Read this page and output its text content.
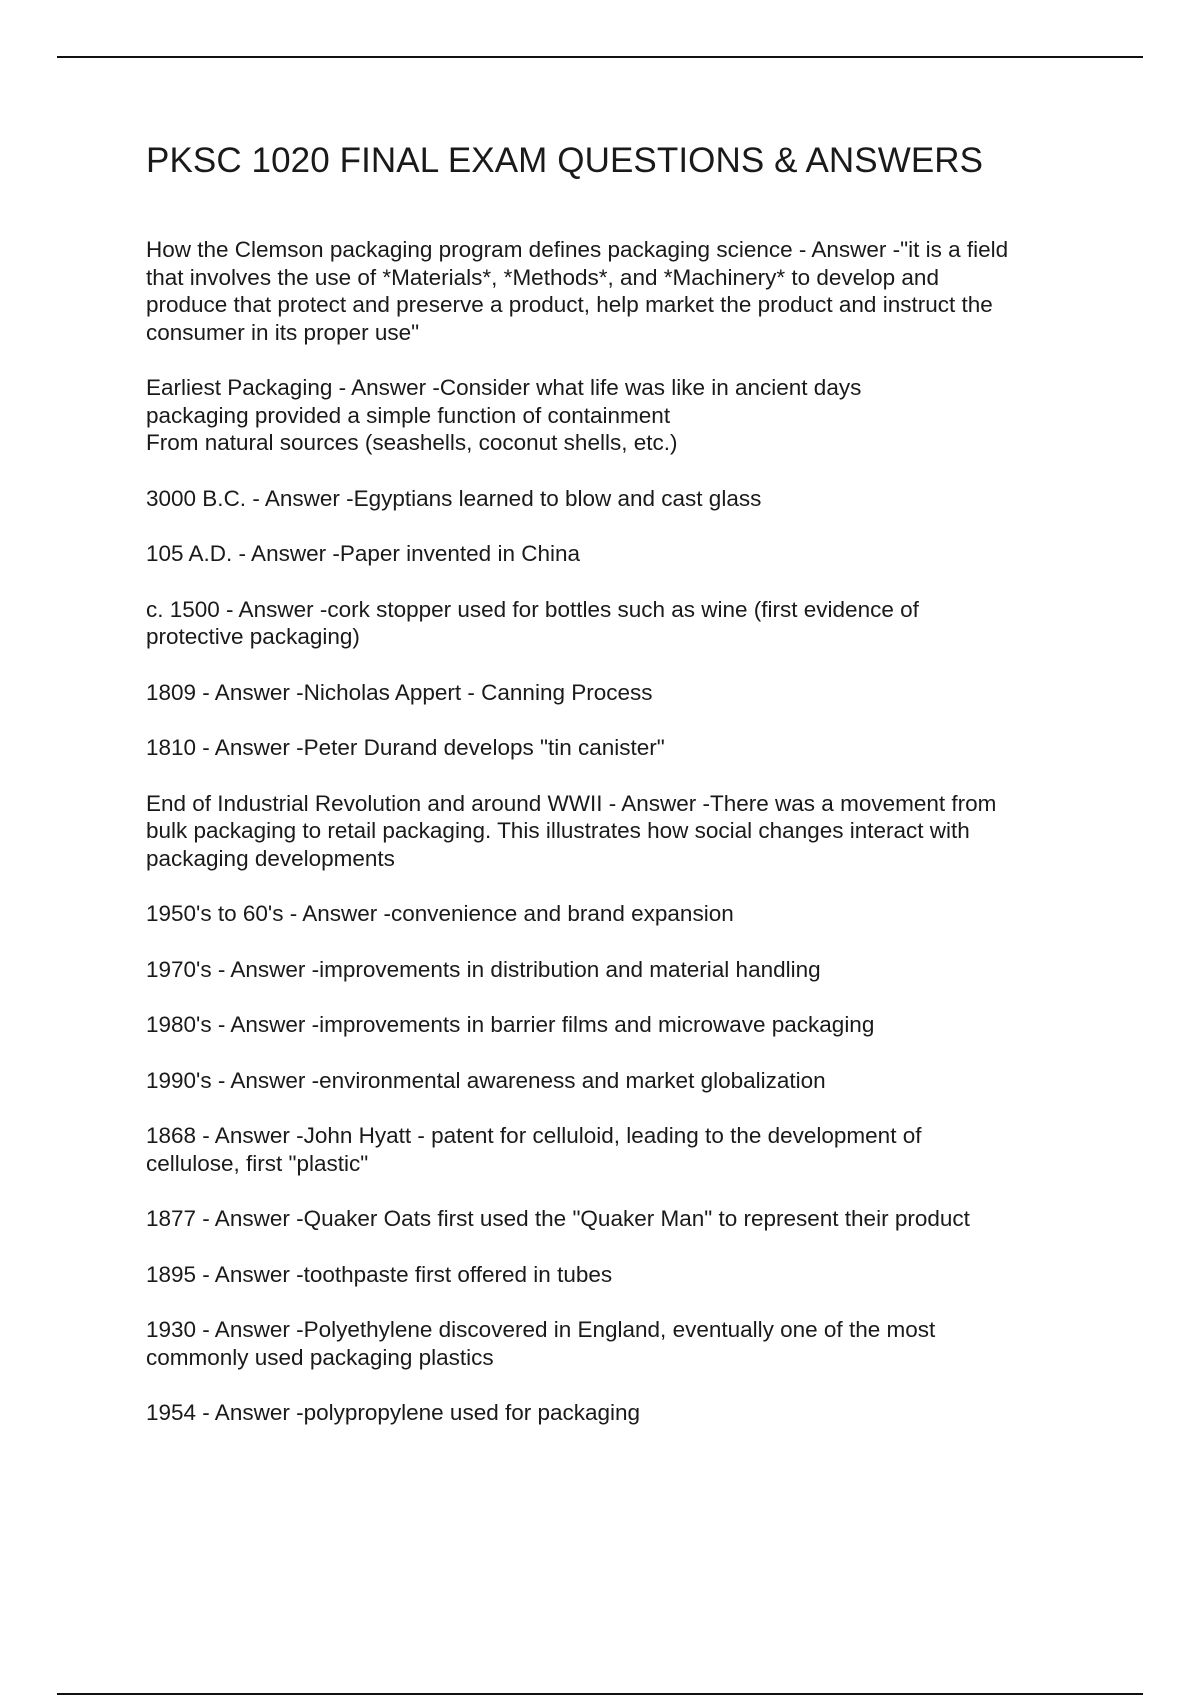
PKSC 1020 FINAL EXAM QUESTIONS & ANSWERS

How the Clemson packaging program defines packaging science - Answer -"it is a field
that involves the use of *Materials*, *Methods*, and *Machinery* to develop and
produce that protect and preserve a product, help market the product and instruct the
consumer in its proper use"

Earliest Packaging - Answer -Consider what life was like in ancient days
packaging provided a simple function of containment
From natural sources (seashells, coconut shells, etc.)

3000 B.C. - Answer -Egyptians learned to blow and cast glass

105 A.D. - Answer -Paper invented in China

c. 1500 - Answer -cork stopper used for bottles such as wine (first evidence of
protective packaging)

1809 - Answer -Nicholas Appert - Canning Process

1810 - Answer -Peter Durand develops "tin canister"

End of Industrial Revolution and around WWII - Answer -There was a movement from
bulk packaging to retail packaging. This illustrates how social changes interact with
packaging developments

1950's to 60's - Answer -convenience and brand expansion

1970's - Answer -improvements in distribution and material handling

1980's - Answer -improvements in barrier films and microwave packaging

1990's - Answer -environmental awareness and market globalization

1868 - Answer -John Hyatt - patent for celluloid, leading to the development of
cellulose, first "plastic"

1877 - Answer -Quaker Oats first used the "Quaker Man" to represent their product

1895 - Answer -toothpaste first offered in tubes

1930 - Answer -Polyethylene discovered in England, eventually one of the most
commonly used packaging plastics

1954 - Answer -polypropylene used for packaging
